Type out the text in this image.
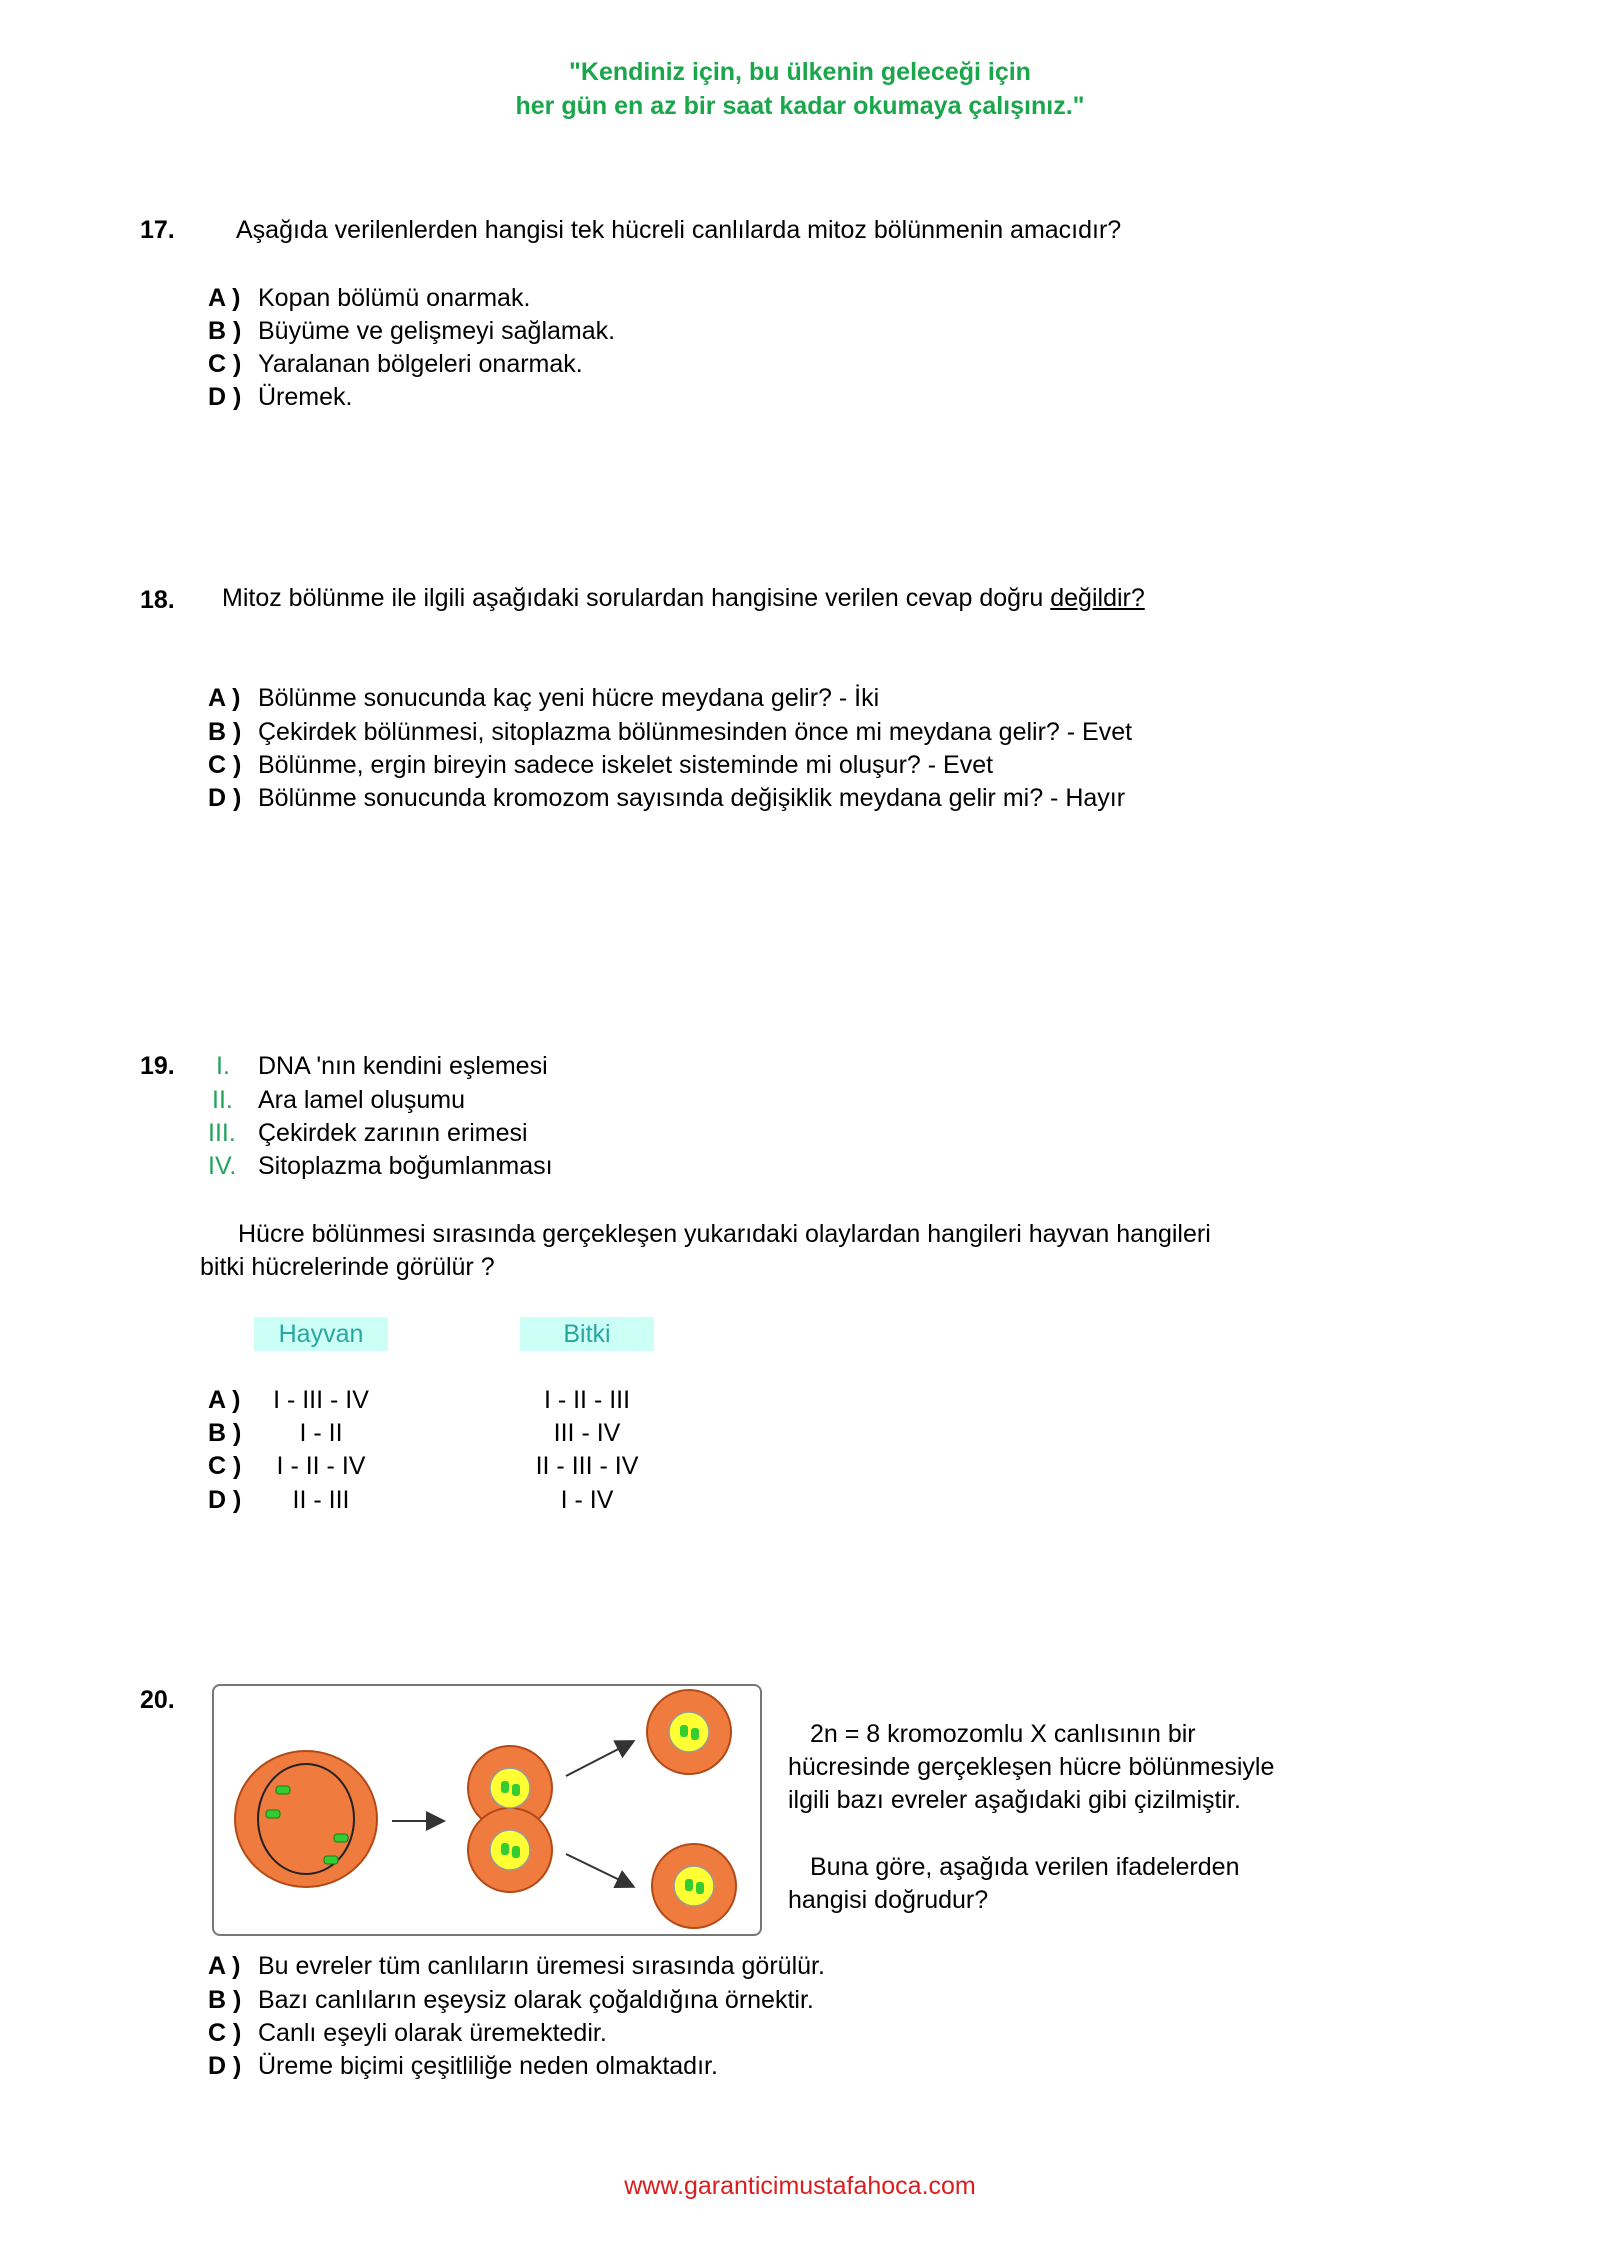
"Kendiniz için, bu ülkenin geleceği için
her gün en az bir saat kadar okumaya çalışınız."
17. Aşağıda verilenlerden hangisi tek hücreli canlılarda mitoz bölünmenin amacıdır?
A ) Kopan bölümü onarmak.
B ) Büyüme ve gelişmeyi sağlamak.
C ) Yaralanan bölgeleri onarmak.
D ) Üremek.
18. Mitoz bölünme ile ilgili aşağıdaki sorulardan hangisine verilen cevap doğru değildir?
A ) Bölünme sonucunda kaç yeni hücre meydana gelir? - İki
B ) Çekirdek bölünmesi, sitoplazma bölünmesinden önce mi meydana gelir? - Evet
C ) Bölünme, ergin bireyin sadece iskelet sisteminde mi oluşur? - Evet
D ) Bölünme sonucunda kromozom sayısında değişiklik meydana gelir mi? - Hayır
19. I. DNA 'nın kendini eşlemesi
II. Ara lamel oluşumu
III. Çekirdek zarının erimesi
IV. Sitoplazma boğumlanması
Hücre bölünmesi sırasında gerçekleşen yukarıdaki olaylardan hangileri hayvan hangileri
bitki hücrelerinde görülür ?
Hayvan	Bitki
A )	I - III - IV	I - II - III
B )	I - II	III - IV
C )	I - II - IV	II - III - IV
D )	II - III	I - IV
20.
2n = 8 kromozomlu X canlısının bir
hücresinde gerçekleşen hücre bölünmesiyle
ilgili bazı evreler aşağıdaki gibi çizilmiştir.
Buna göre, aşağıda verilen ifadelerden
hangisi doğrudur?
A ) Bu evreler tüm canlıların üremesi sırasında görülür.
B ) Bazı canlıların eşeysiz olarak çoğaldığına örnektir.
C ) Canlı eşeyli olarak üremektedir.
D ) Üreme biçimi çeşitliliğe neden olmaktadır.
www.garanticimustafahoca.com
